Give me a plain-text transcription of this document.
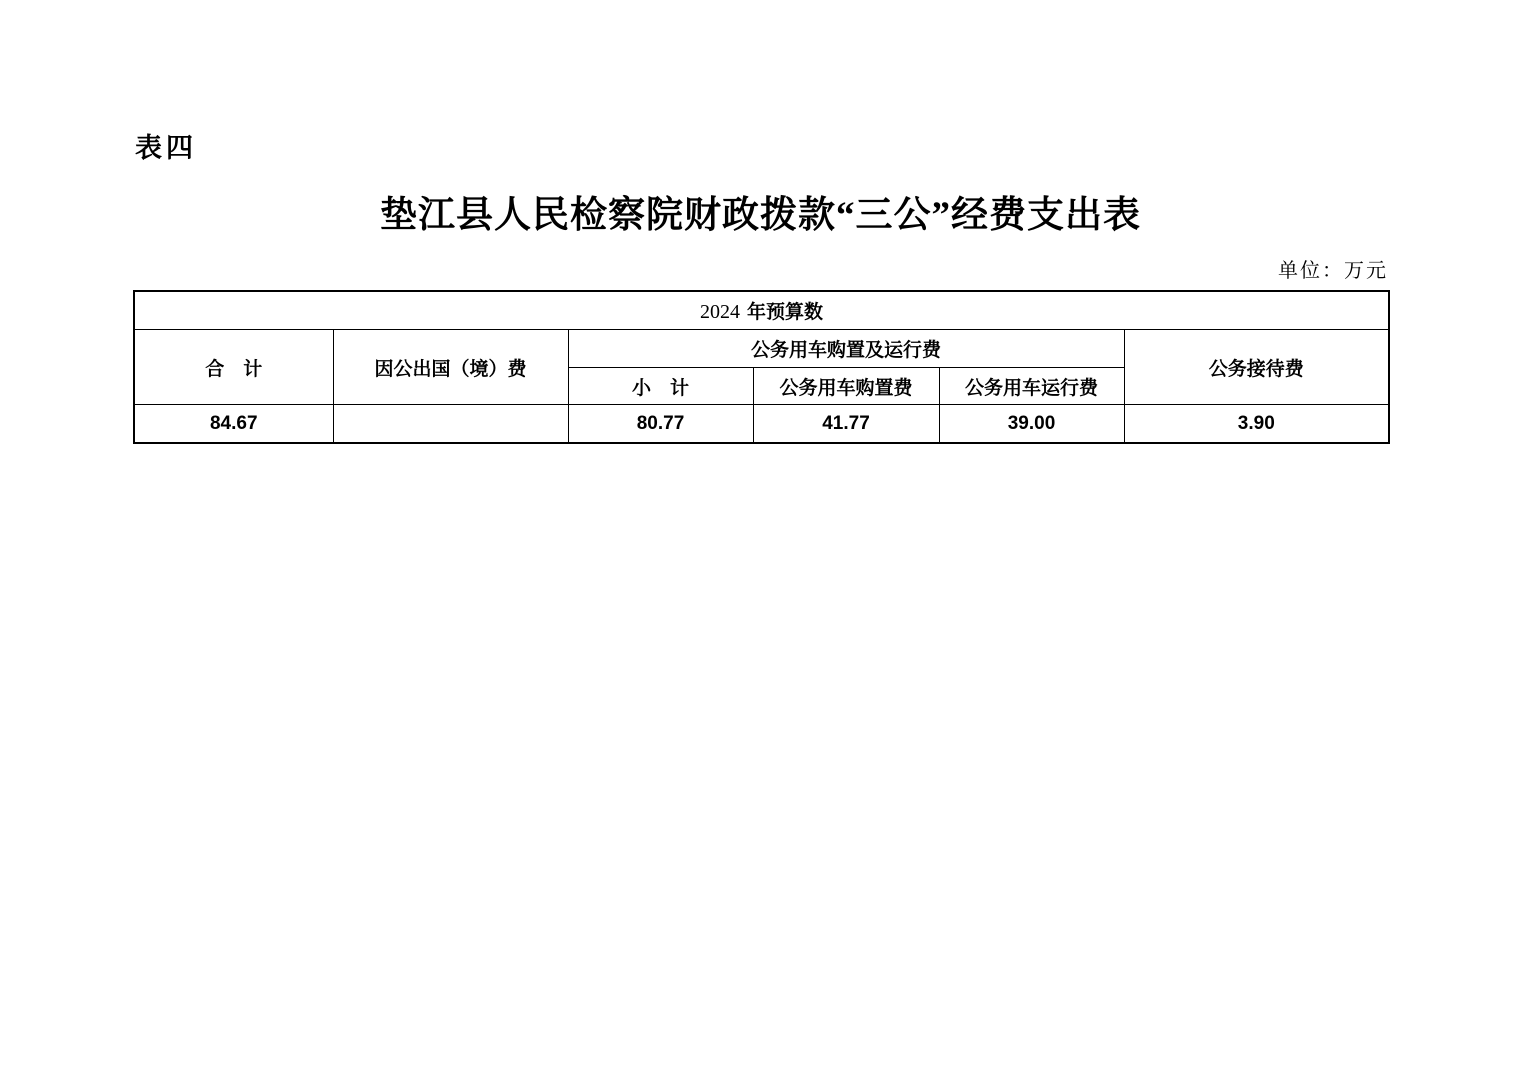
表四
垫江县人民检察院财政拨款“三公”经费支出表
单位：万元
2024 年预算数					
合　计	因公出国（境）费	公务用车购置及运行费			公务接待费
		小　计	公务用车购置费	公务用车运行费	
84.67		80.77	41.77	39.00	3.90
